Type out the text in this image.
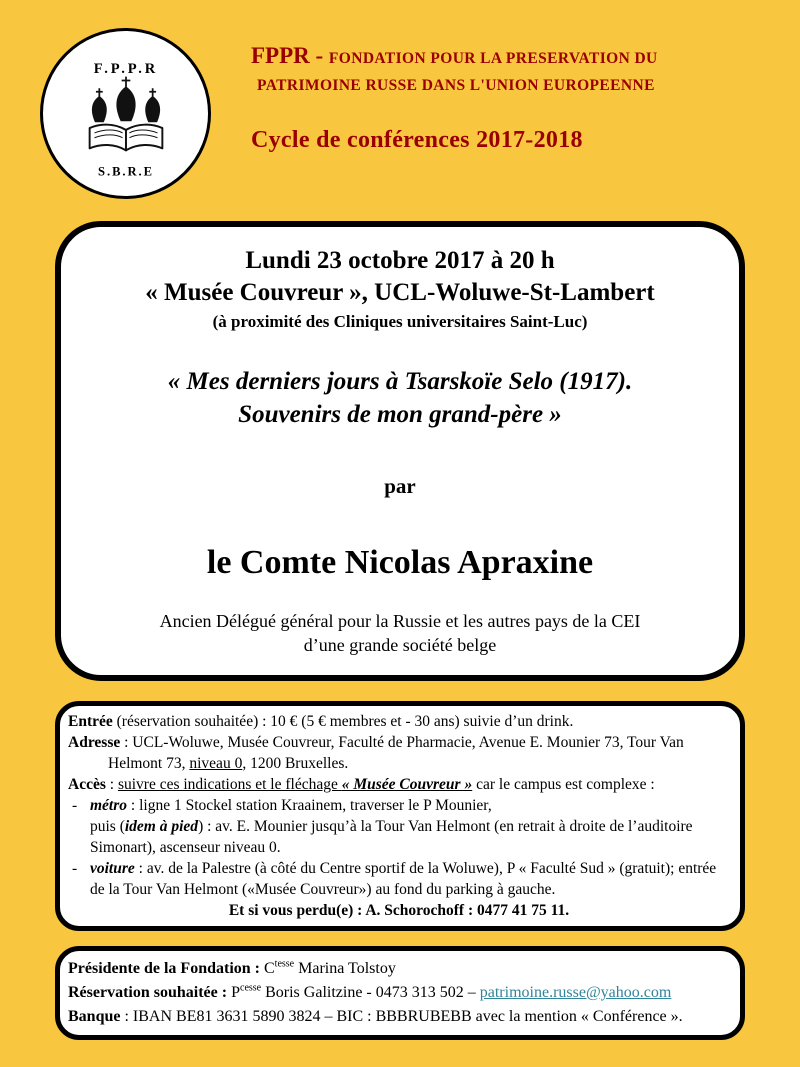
F.P.P.R
S.B.R.E

FPPR - FONDATION POUR LA PRESERVATION DU
PATRIMOINE RUSSE DANS L'UNION EUROPEENNE

Cycle de conférences 2017-2018

Lundi 23 octobre 2017 à 20 h

« Musée Couvreur », UCL-Woluwe-St-Lambert

(à proximité des Cliniques universitaires Saint-Luc)

« Mes derniers jours à Tsarskoïe Selo (1917).

Souvenirs de mon grand-père »

par

le Comte Nicolas Apraxine

Ancien Délégué général pour la Russie et les autres pays de la CEI

d’une grande société belge

Entrée (réservation souhaitée) : 10 € (5 € membres et - 30 ans) suivie d’un drink.

Adresse : UCL-Woluwe, Musée Couvreur, Faculté de Pharmacie, Avenue E. Mounier 73, Tour Van Helmont 73, niveau 0, 1200 Bruxelles.

Accès : suivre ces indications et le fléchage « Musée Couvreur » car le campus est complexe :

- métro : ligne 1 Stockel station Kraainem, traverser le P Mounier,

puis (idem à pied) : av. E. Mounier jusqu’à la Tour Van Helmont (en retrait à droite de l’auditoire Simonart), ascenseur niveau 0.

- voiture : av. de la Palestre (à côté du Centre sportif de la Woluwe), P « Faculté Sud » (gratuit); entrée de la Tour Van Helmont («Musée Couvreur») au fond du parking à gauche.

Et si vous perdu(e) : A. Schorochoff : 0477 41 75 11.

Présidente de la Fondation : $C^{tesse}$ Marina Tolstoy

Réservation souhaitée : $P^{cesse}$ Boris Galitzine - 0473 313 502 – patrimoine.russe@yahoo.com

Banque : IBAN BE81 3631 5890 3824 – BIC : BBBRUBEBB avec la mention « Conférence ».
